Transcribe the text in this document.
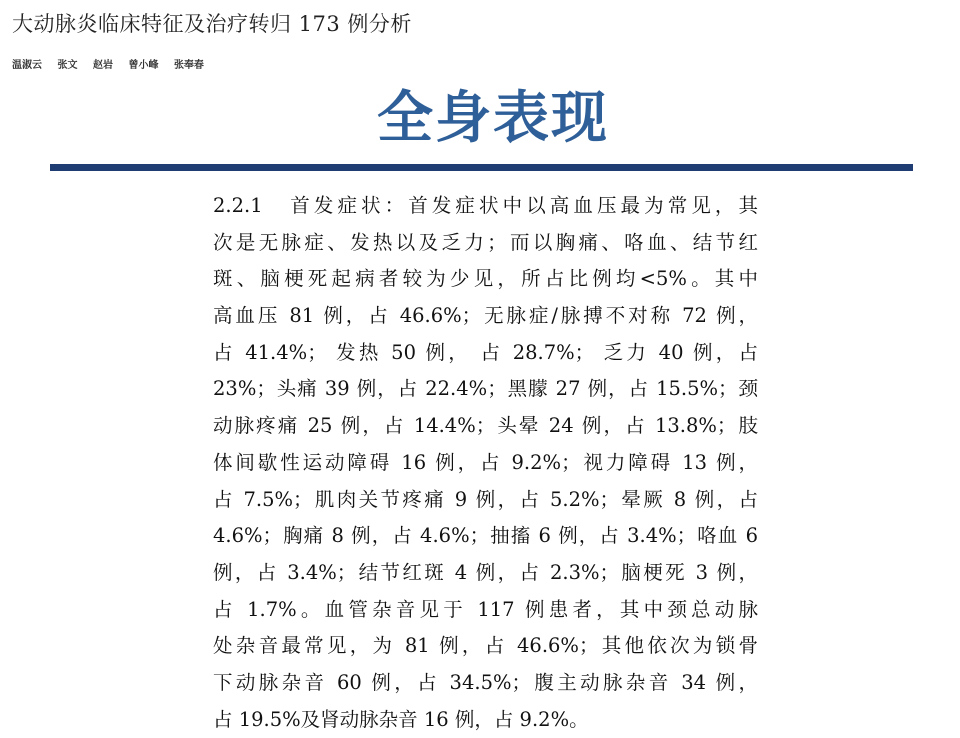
大动脉炎临床特征及治疗转归 173 例分析
温淑云 张文 赵岩 曾小峰 张奉春
全身表现
2.2.1　首发症状：首发症状中以高血压最为常见，其
次是无脉症、发热以及乏力；而以胸痛、咯血、结节红
斑、脑梗死起病者较为少见，所占比例均<5%。其中
高血压 81 例，占 46.6%；无脉症/脉搏不对称 72 例，
占 41.4%； 发热 50 例， 占 28.7%； 乏力 40 例，占
23%；头痛 39 例，占 22.4%；黑朦 27 例，占 15.5%；颈
动脉疼痛 25 例，占 14.4%；头晕 24 例，占 13.8%；肢
体间歇性运动障碍 16 例，占 9.2%；视力障碍 13 例，
占 7.5%；肌肉关节疼痛 9 例，占 5.2%；晕厥 8 例，占
4.6%；胸痛 8 例，占 4.6%；抽搐 6 例，占 3.4%；咯血 6
例，占 3.4%；结节红斑 4 例，占 2.3%；脑梗死 3 例，
占 1.7%。血管杂音见于 117 例患者，其中颈总动脉
处杂音最常见，为 81 例，占 46.6%；其他依次为锁骨
下动脉杂音 60 例，占 34.5%；腹主动脉杂音 34 例，
占 19.5%及肾动脉杂音 16 例，占 9.2%。
